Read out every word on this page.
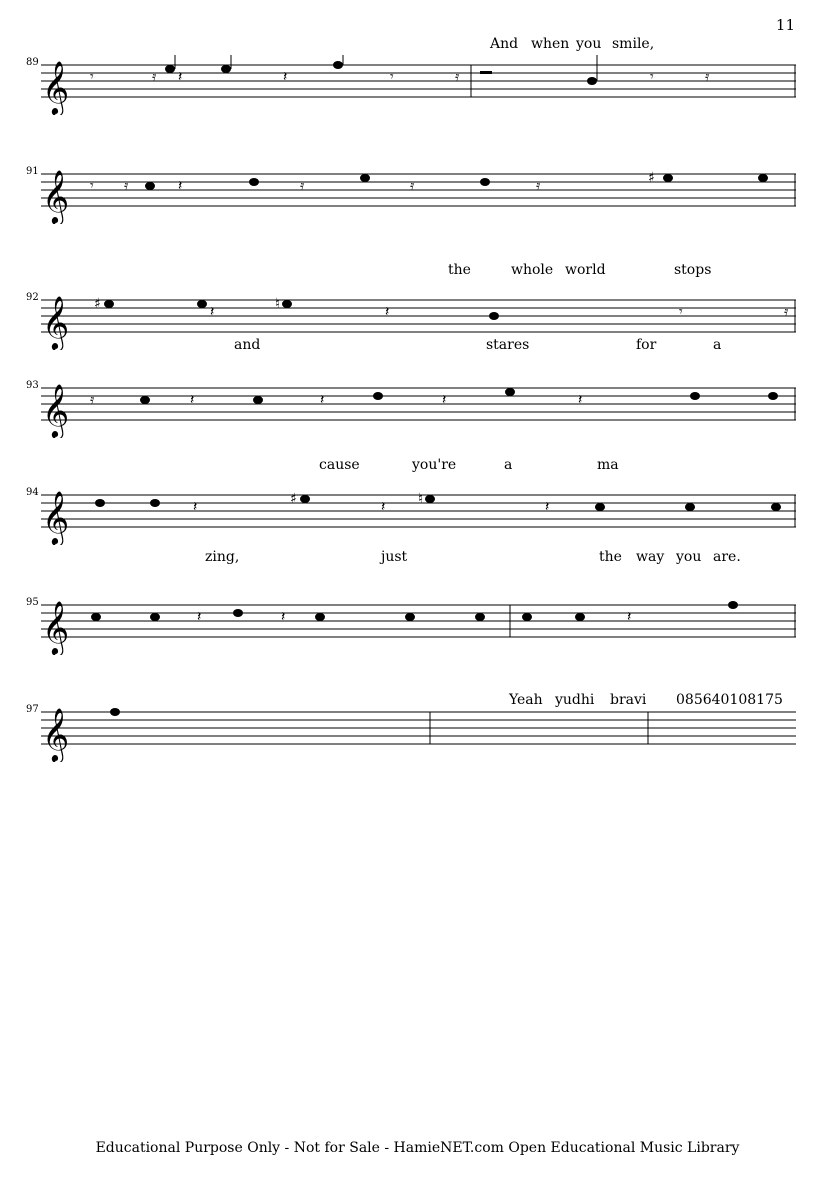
11
And when you smile,
89 𝄞 𝄾	𝄿 𝄽	𝄽	𝄾	𝄿	𝄾	𝄿
91 𝄞 𝄾 𝄿	𝄽	𝄿	𝄿	𝄿	♯
the	whole world	stops
92 𝄞 ♯	♮
𝄽	𝄽	𝄾	𝄿
and	stares	for	a
93 𝄞 𝄿	𝄽	𝄽	𝄽	𝄽
cause	you're	a	ma
94 𝄞	𝄽	♯	𝄽 ♮	𝄽
zing,	just	the way you are.
95 𝄞	𝄽	𝄽	𝄽
Yeah yudhi bravi 085640108175
97 𝄞
Educational Purpose Only - Not for Sale - HamieNET.com Open Educational Music Library
